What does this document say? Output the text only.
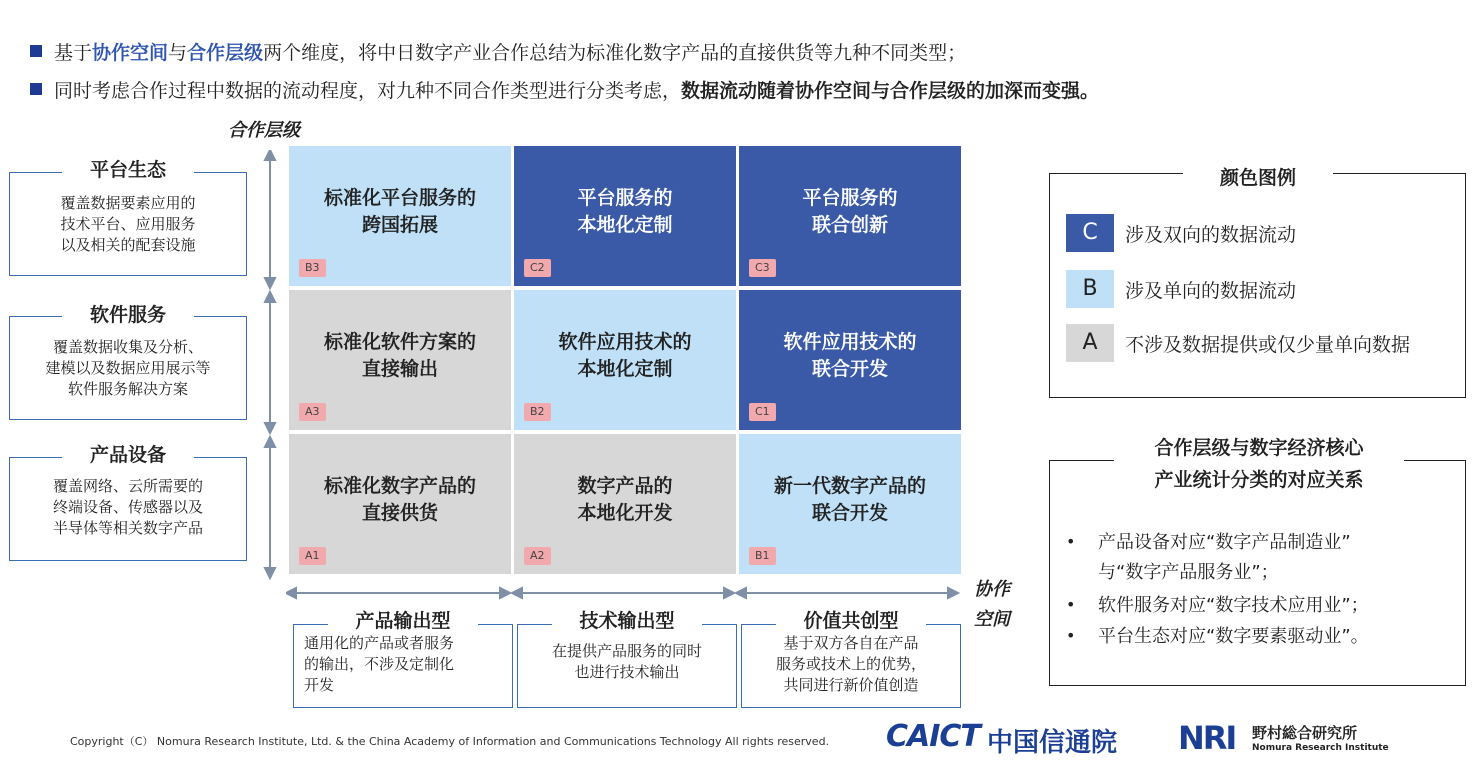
基于协作空间与合作层级两个维度，将中日数字产业合作总结为标准化数字产品的直接供货等九种不同类型；
同时考虑合作过程中数据的流动程度，对九种不同合作类型进行分类考虑，数据流动随着协作空间与合作层级的加深而变强。
合作层级
协作
空间
覆盖数据要素应用的
技术平台、应用服务
以及相关的配套设施
平台生态
覆盖数据收集及分析、
建模以及数据应用展示等
软件服务解决方案
软件服务
覆盖网络、云所需要的
终端设备、传感器以及
半导体等相关数字产品
产品设备
标准化平台服务的
跨国拓展
B3
平台服务的
本地化定制
C2
平台服务的
联合创新
C3
标准化软件方案的
直接输出
A3
软件应用技术的
本地化定制
B2
软件应用技术的
联合开发
C1
标准化数字产品的
直接供货
A1
数字产品的
本地化开发
A2
新一代数字产品的
联合开发
B1
通用化的产品或者服务
的输出，不涉及定制化
开发
产品输出型
在提供产品服务的同时
也进行技术输出
技术输出型
基于双方各自在产品
服务或技术上的优势，
共同进行新价值创造
价值共创型
颜色图例
C	涉及双向的数据流动
B	涉及单向的数据流动
A	不涉及数据提供或仅少量单向数据
合作层级与数字经济核心
产业统计分类的对应关系
• 产品设备对应“数字产品制造业”
与“数字产品服务业”；
• 软件服务对应“数字技术应用业”；
• 平台生态对应“数字要素驱动业”。
Copyright（C） Nomura Research Institute, Ltd. & the China Academy of Information and Communications Technology All rights reserved. CAICT 中国信通院 NRI 野村総合研究所
Nomura Research Institute
